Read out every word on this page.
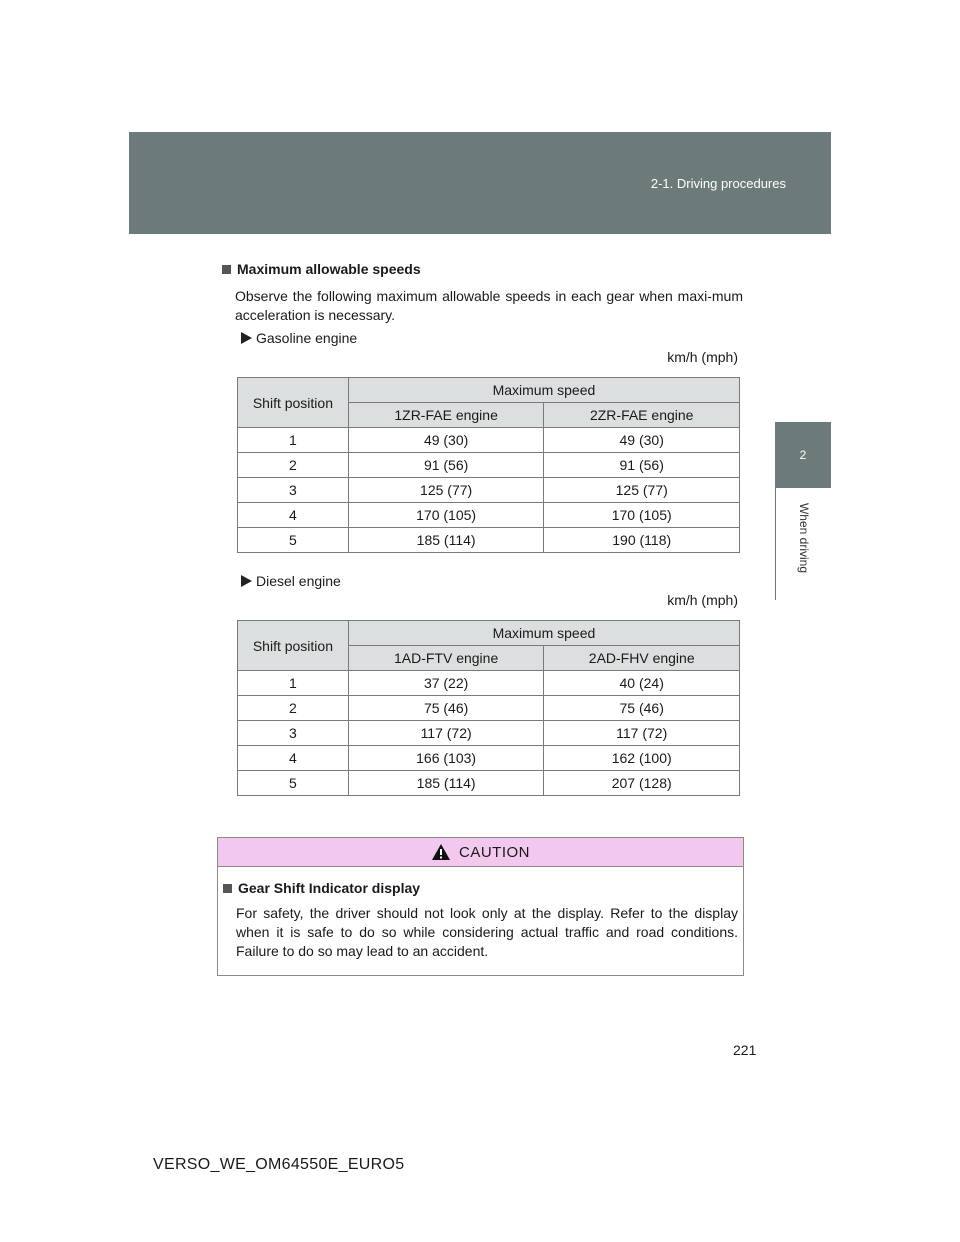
2-1. Driving procedures
2
When driving
Maximum allowable speeds
Observe the following maximum allowable speeds in each gear when maxi-mum acceleration is necessary.
Gasoline engine
km/h (mph)
Shift position	Maximum speed	
	1ZR-FAE engine	2ZR-FAE engine
1	49 (30)	49 (30)
2	91 (56)	91 (56)
3	125 (77)	125 (77)
4	170 (105)	170 (105)
5	185 (114)	190 (118)
Diesel engine
km/h (mph)
Shift position	Maximum speed	
	1AD-FTV engine	2AD-FHV engine
1	37 (22)	40 (24)
2	75 (46)	75 (46)
3	117 (72)	117 (72)
4	166 (103)	162 (100)
5	185 (114)	207 (128)
CAUTION
Gear Shift Indicator display
For safety, the driver should not look only at the display. Refer to the display when it is safe to do so while considering actual traffic and road conditions. Failure to do so may lead to an accident.
221
VERSO_WE_OM64550E_EURO5
